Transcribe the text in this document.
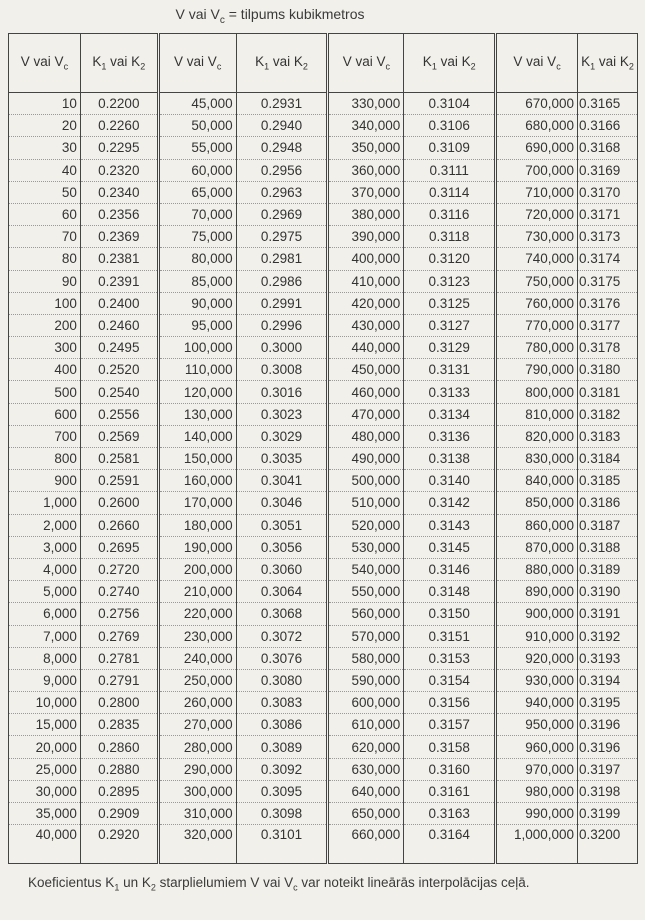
V vai $V_c$ = tilpums kubikmetros
V vai $V_c$	$K_1$ vai $K_2$	V vai $V_c$	$K_1$ vai $K_2$	V vai $V_c$	$K_1$ vai $K_2$	V vai $V_c$	$K_1$ vai $K_2$
10	0.2200	45,000	0.2931	330,000	0.3104	670,000	0.3165
20	0.2260	50,000	0.2940	340,000	0.3106	680,000	0.3166
30	0.2295	55,000	0.2948	350,000	0.3109	690,000	0.3168
40	0.2320	60,000	0.2956	360,000	0.3111	700,000	0.3169
50	0.2340	65,000	0.2963	370,000	0.3114	710,000	0.3170
60	0.2356	70,000	0.2969	380,000	0.3116	720,000	0.3171
70	0.2369	75,000	0.2975	390,000	0.3118	730,000	0.3173
80	0.2381	80,000	0.2981	400,000	0.3120	740,000	0.3174
90	0.2391	85,000	0.2986	410,000	0.3123	750,000	0.3175
100	0.2400	90,000	0.2991	420,000	0.3125	760,000	0.3176
200	0.2460	95,000	0.2996	430,000	0.3127	770,000	0.3177
300	0.2495	100,000	0.3000	440,000	0.3129	780,000	0.3178
400	0.2520	110,000	0.3008	450,000	0.3131	790,000	0.3180
500	0.2540	120,000	0.3016	460,000	0.3133	800,000	0.3181
600	0.2556	130,000	0.3023	470,000	0.3134	810,000	0.3182
700	0.2569	140,000	0.3029	480,000	0.3136	820,000	0.3183
800	0.2581	150,000	0.3035	490,000	0.3138	830,000	0.3184
900	0.2591	160,000	0.3041	500,000	0.3140	840,000	0.3185
1,000	0.2600	170,000	0.3046	510,000	0.3142	850,000	0.3186
2,000	0.2660	180,000	0.3051	520,000	0.3143	860,000	0.3187
3,000	0.2695	190,000	0.3056	530,000	0.3145	870,000	0.3188
4,000	0.2720	200,000	0.3060	540,000	0.3146	880,000	0.3189
5,000	0.2740	210,000	0.3064	550,000	0.3148	890,000	0.3190
6,000	0.2756	220,000	0.3068	560,000	0.3150	900,000	0.3191
7,000	0.2769	230,000	0.3072	570,000	0.3151	910,000	0.3192
8,000	0.2781	240,000	0.3076	580,000	0.3153	920,000	0.3193
9,000	0.2791	250,000	0.3080	590,000	0.3154	930,000	0.3194
10,000	0.2800	260,000	0.3083	600,000	0.3156	940,000	0.3195
15,000	0.2835	270,000	0.3086	610,000	0.3157	950,000	0.3196
20,000	0.2860	280,000	0.3089	620,000	0.3158	960,000	0.3196
25,000	0.2880	290,000	0.3092	630,000	0.3160	970,000	0.3197
30,000	0.2895	300,000	0.3095	640,000	0.3161	980,000	0.3198
35,000	0.2909	310,000	0.3098	650,000	0.3163	990,000	0.3199
40,000	0.2920	320,000	0.3101	660,000	0.3164	1,000,000	0.3200
Koeficientus $K_1$ un $K_2$ starplielumiem V vai $V_c$ var noteikt lineārās interpolācijas ceļā.
